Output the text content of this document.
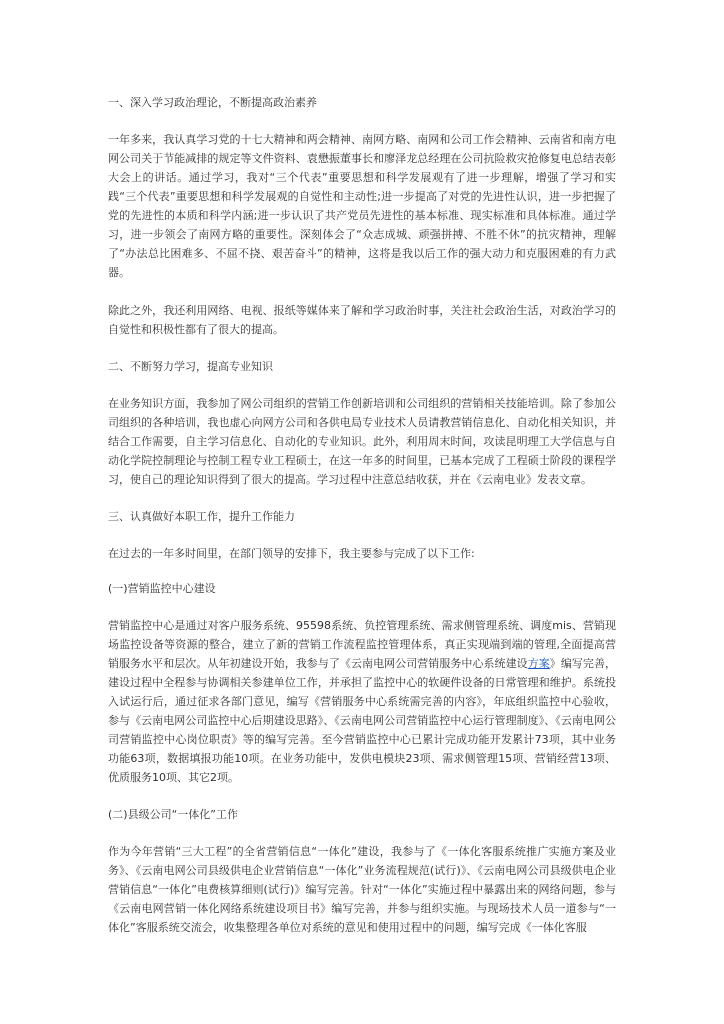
一、深入学习政治理论，不断提高政治素养
一年多来，我认真学习党的十七大精神和两会精神、南网方略、南网和公司工作会精神、云南省和南方电网公司关于节能减排的规定等文件资料、袁懋振董事长和廖泽龙总经理在公司抗险救灾抢修复电总结表彰大会上的讲话。通过学习，我对“三个代表”重要思想和科学发展观有了进一步理解，增强了学习和实践“三个代表”重要思想和科学发展观的自觉性和主动性;进一步提高了对党的先进性认识，进一步把握了党的先进性的本质和科学内涵;进一步认识了共产党员先进性的基本标准、现实标准和具体标准。通过学习，进一步领会了南网方略的重要性。深刻体会了“众志成城、顽强拼搏、不胜不休”的抗灾精神，理解了“办法总比困难多、不屈不挠、艰苦奋斗”的精神，这将是我以后工作的强大动力和克服困难的有力武器。
除此之外，我还利用网络、电视、报纸等媒体来了解和学习政治时事，关注社会政治生活，对政治学习的自觉性和积极性都有了很大的提高。
二、不断努力学习，提高专业知识
在业务知识方面，我参加了网公司组织的营销工作创新培训和公司组织的营销相关技能培训。除了参加公司组织的各种培训，我也虚心向网方公司和各供电局专业技术人员请教营销信息化、自动化相关知识，并结合工作需要，自主学习信息化、自动化的专业知识。此外，利用周末时间，攻读昆明理工大学信息与自动化学院控制理论与控制工程专业工程硕士，在这一年多的时间里，已基本完成了工程硕士阶段的课程学习，使自己的理论知识得到了很大的提高。学习过程中注意总结收获，并在《云南电业》发表文章。
三、认真做好本职工作，提升工作能力
在过去的一年多时间里，在部门领导的安排下，我主要参与完成了以下工作:
(一)营销监控中心建设
营销监控中心是通过对客户服务系统、95598系统、负控管理系统、需求侧管理系统、调度mis、营销现场监控设备等资源的整合，建立了新的营销工作流程监控管理体系，真正实现端到端的管理,全面提高营销服务水平和层次。从年初建设开始，我参与了《云南电网公司营销服务中心系统建设方案》编写完善，建设过程中全程参与协调相关参建单位工作，并承担了监控中心的软硬件设备的日常管理和维护。系统投入试运行后，通过征求各部门意见，编写《营销服务中心系统需完善的内容》，年底组织监控中心验收，参与《云南电网公司监控中心后期建设思路》、《云南电网公司营销监控中心运行管理制度》、《云南电网公司营销监控中心岗位职责》等的编写完善。至今营销监控中心已累计完成功能开发累计73项，其中业务功能63项，数据填报功能10项。在业务功能中，发供电模块23项、需求侧管理15项、营销经营13项、优质服务10项、其它2项。
(二)县级公司“一体化”工作
作为今年营销“三大工程”的全省营销信息“一体化”建设，我参与了《一体化客服系统推广实施方案及业务》、《云南电网公司县级供电企业营销信息“一体化”业务流程规范(试行)》、《云南电网公司县级供电企业营销信息“一体化”电费核算细则(试行)》编写完善。针对“一体化”实施过程中暴露出来的网络问题，参与《云南电网营销一体化网络系统建设项目书》编写完善，并参与组织实施。与现场技术人员一道参与“一体化”客服系统交流会，收集整理各单位对系统的意见和使用过程中的问题，编写完成《一体化客服
